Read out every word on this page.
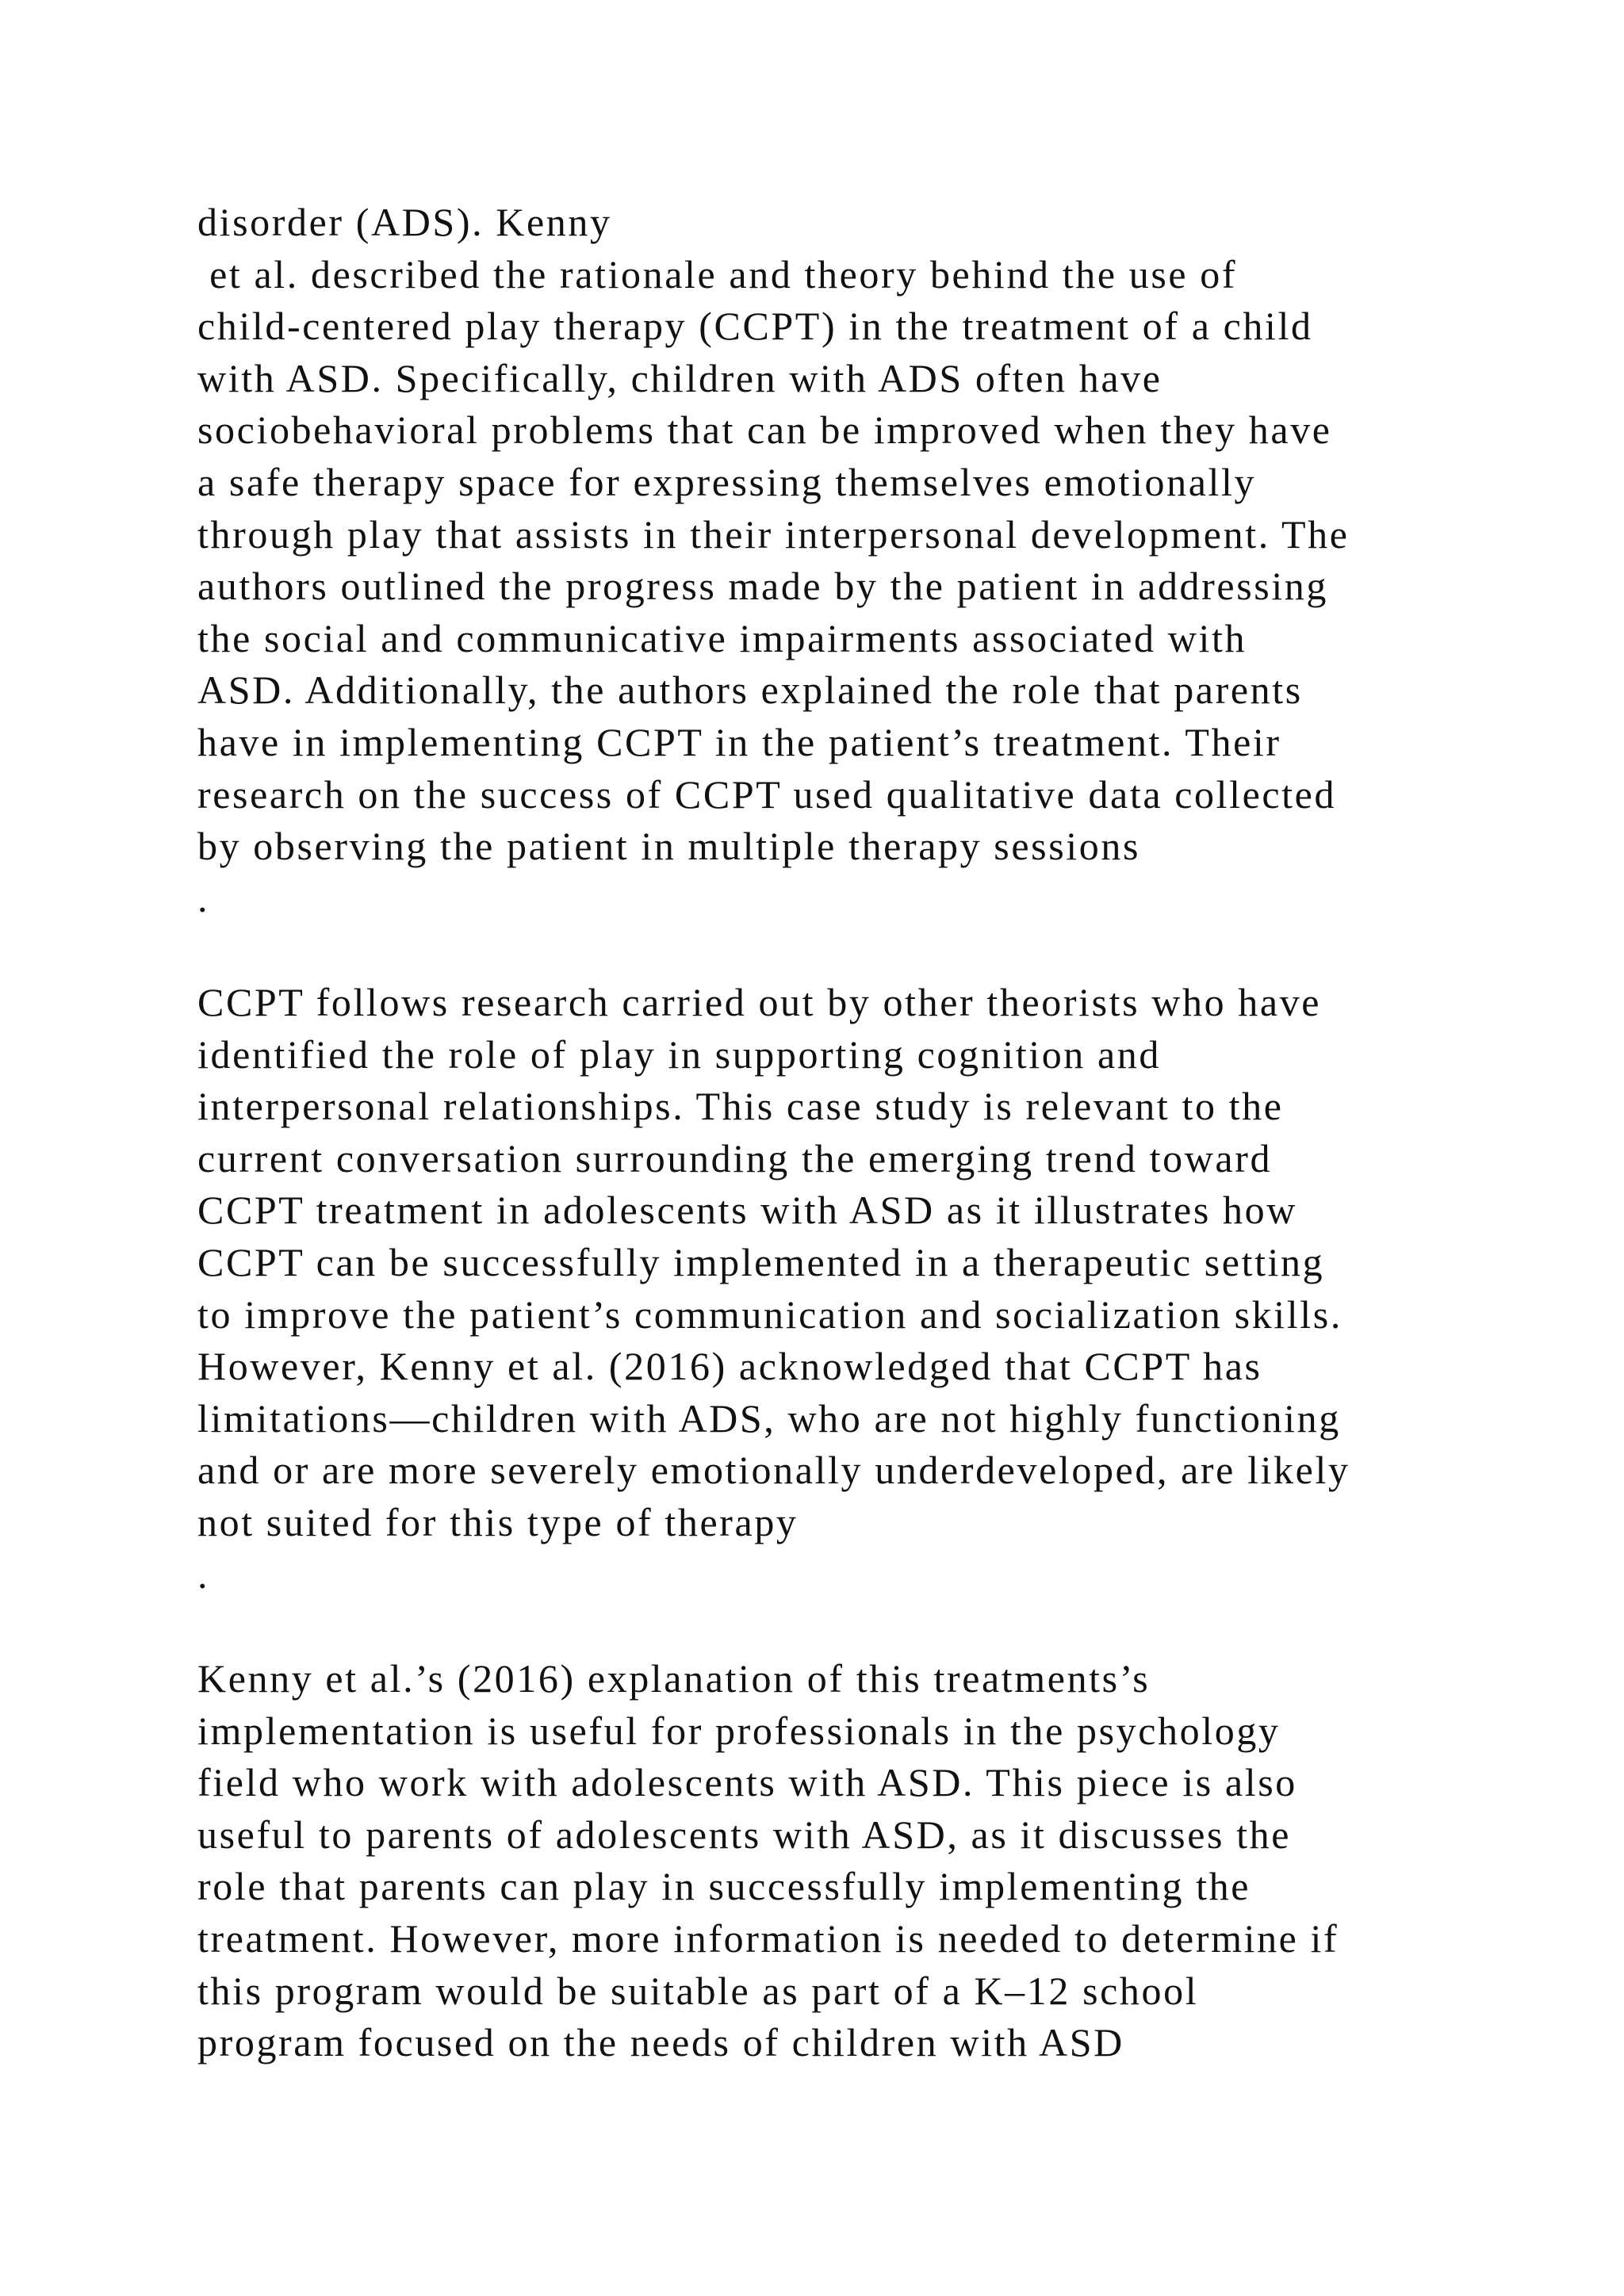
disorder (ADS). Kenny
et al. described the rationale and theory behind the use of
child-centered play therapy (CCPT) in the treatment of a child
with ASD. Specifically, children with ADS often have
sociobehavioral problems that can be improved when they have
a safe therapy space for expressing themselves emotionally
through play that assists in their interpersonal development. The
authors outlined the progress made by the patient in addressing
the social and communicative impairments associated with
ASD. Additionally, the authors explained the role that parents
have in implementing CCPT in the patient’s treatment. Their
research on the success of CCPT used qualitative data collected
by observing the patient in multiple therapy sessions
.
CCPT follows research carried out by other theorists who have
identified the role of play in supporting cognition and
interpersonal relationships. This case study is relevant to the
current conversation surrounding the emerging trend toward
CCPT treatment in adolescents with ASD as it illustrates how
CCPT can be successfully implemented in a therapeutic setting
to improve the patient’s communication and socialization skills.
However, Kenny et al. (2016) acknowledged that CCPT has
limitations—children with ADS, who are not highly functioning
and or are more severely emotionally underdeveloped, are likely
not suited for this type of therapy
.
Kenny et al.’s (2016) explanation of this treatments’s
implementation is useful for professionals in the psychology
field who work with adolescents with ASD. This piece is also
useful to parents of adolescents with ASD, as it discusses the
role that parents can play in successfully implementing the
treatment. However, more information is needed to determine if
this program would be suitable as part of a K–12 school
program focused on the needs of children with ASD
